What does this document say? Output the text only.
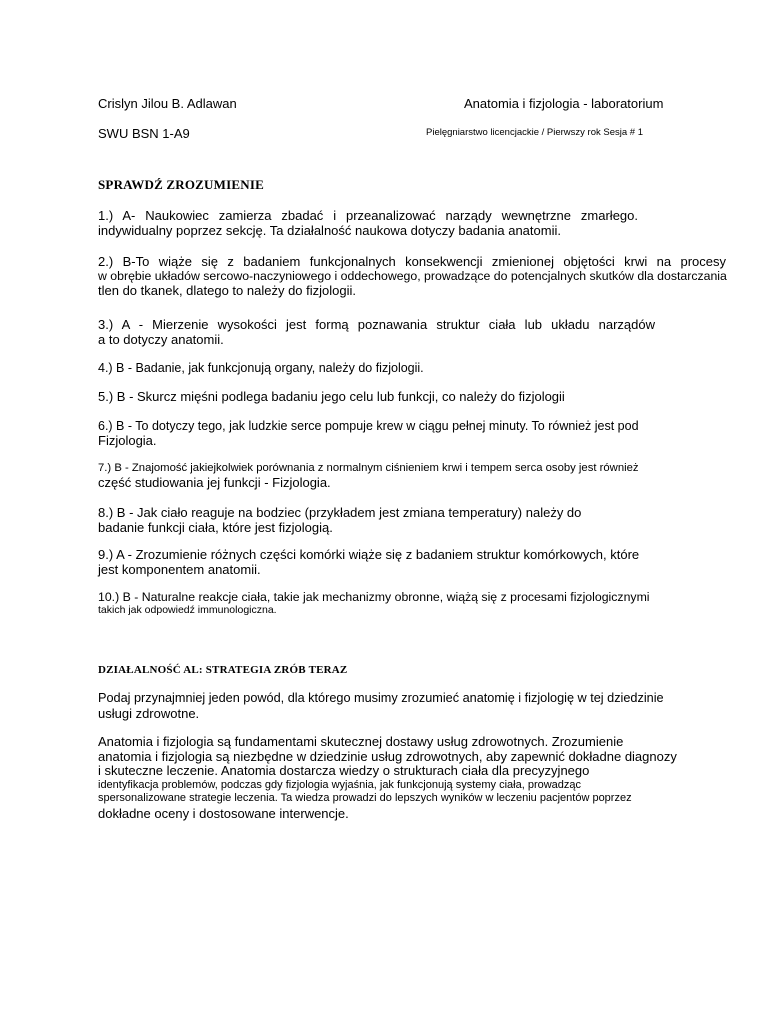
Crislyn Jilou B. Adlawan	Anatomia i fizjologia - laboratorium
SWU BSN 1-A9	Pielęgniarstwo licencjackie / Pierwszy rok Sesja # 1
SPRAWDŹ ZROZUMIENIE
1.) A- Naukowiec zamierza zbadać i przeanalizować narządy wewnętrzne zmarłego.
indywidualny poprzez sekcję. Ta działalność naukowa dotyczy badania anatomii.
2.) B-To wiąże się z badaniem funkcjonalnych konsekwencji zmienionej objętości krwi na procesy
w obrębie układów sercowo-naczyniowego i oddechowego, prowadzące do potencjalnych skutków dla dostarczania
tlen do tkanek, dlatego to należy do fizjologii.
3.) A - Mierzenie wysokości jest formą poznawania struktur ciała lub układu narządów
a to dotyczy anatomii.
4.) B - Badanie, jak funkcjonują organy, należy do fizjologii.
5.) B - Skurcz mięśni podlega badaniu jego celu lub funkcji, co należy do fizjologii
6.) B - To dotyczy tego, jak ludzkie serce pompuje krew w ciągu pełnej minuty. To również jest pod
Fizjologia.
7.) B - Znajomość jakiejkolwiek porównania z normalnym ciśnieniem krwi i tempem serca osoby jest również
część studiowania jej funkcji - Fizjologia.
8.) B - Jak ciało reaguje na bodziec (przykładem jest zmiana temperatury) należy do
badanie funkcji ciała, które jest fizjologią.
9.) A - Zrozumienie różnych części komórki wiąże się z badaniem struktur komórkowych, które
jest komponentem anatomii.
10.) B - Naturalne reakcje ciała, takie jak mechanizmy obronne, wiążą się z procesami fizjologicznymi
takich jak odpowiedź immunologiczna.
DZIAŁALNOŚĆ AL: STRATEGIA ZRÓB TERAZ
Podaj przynajmniej jeden powód, dla którego musimy zrozumieć anatomię i fizjologię w tej dziedzinie
usługi zdrowotne.
Anatomia i fizjologia są fundamentami skutecznej dostawy usług zdrowotnych. Zrozumienie
anatomia i fizjologia są niezbędne w dziedzinie usług zdrowotnych, aby zapewnić dokładne diagnozy
i skuteczne leczenie. Anatomia dostarcza wiedzy o strukturach ciała dla precyzyjnego
identyfikacja problemów, podczas gdy fizjologia wyjaśnia, jak funkcjonują systemy ciała, prowadząc
spersonalizowane strategie leczenia. Ta wiedza prowadzi do lepszych wyników w leczeniu pacjentów poprzez
dokładne oceny i dostosowane interwencje.
